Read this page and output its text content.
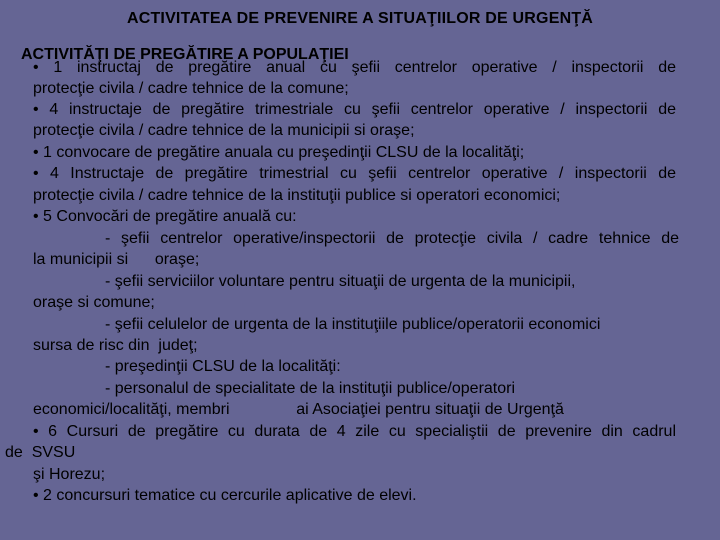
ACTIVITATEA DE PREVENIRE A SITUAŢIILOR DE URGENŢĂ
ACTIVITĂŢI DE PREGĂTIRE A POPULAŢIEI
• 1 instructaj de pregătire anual cu şefii centrelor operative / inspectorii de
protecţie civila / cadre tehnice de la comune;
• 4 instructaje de pregătire trimestriale cu şefii centrelor operative / inspectorii de
protecţie civila / cadre tehnice de la municipii si oraşe;
• 1 convocare de pregătire anuala cu preşedinţii CLSU de la localităţi;
• 4 Instructaje de pregătire trimestrial cu şefii centrelor operative / inspectorii de
protecţie civila / cadre tehnice de la instituţii publice si operatori economici;
• 5 Convocări de pregătire anuală cu:
- şefii centrelor operative/inspectorii de protecţie civila / cadre tehnice de
la municipii si      oraşe;
- şefii serviciilor voluntare pentru situaţii de urgenta de la municipii,
oraşe si comune;
- şefii celulelor de urgenta de la instituţiile publice/operatorii economici
sursa de risc din  judeţ;
- preşedinţii CLSU de la localităţi:
- personalul de specialitate de la instituţii publice/operatori
economici/localităţi, membri               ai Asociaţiei pentru situaţii de Urgenţă
• 6 Cursuri de pregătire cu durata de 4 zile cu specialiştii de prevenire din cadrul
de  SVSU
şi Horezu;
• 2 concursuri tematice cu cercurile aplicative de elevi.
